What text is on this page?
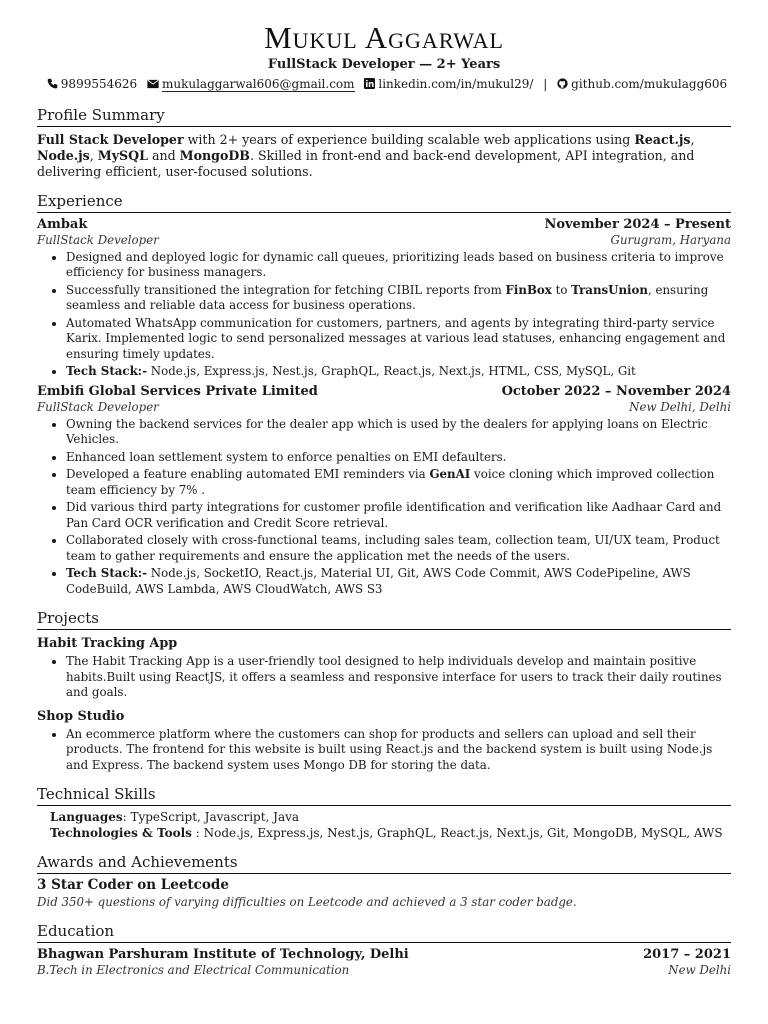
Mukul Aggarwal
FullStack Developer — 2+ Years
9899554626 mukulaggarwal606@gmail.com linkedin.com/in/mukul29/ | github.com/mukulagg606
Profile Summary
Full Stack Developer with 2+ years of experience building scalable web applications using React.js, Node.js, MySQL and MongoDB. Skilled in front-end and back-end development, API integration, and delivering efficient, user-focused solutions.
Experience
Ambak	November 2024 – Present
FullStack Developer	Gurugram, Haryana
• Designed and deployed logic for dynamic call queues, prioritizing leads based on business criteria to improve efficiency for business managers.
• Successfully transitioned the integration for fetching CIBIL reports from FinBox to TransUnion, ensuring seamless and reliable data access for business operations.
• Automated WhatsApp communication for customers, partners, and agents by integrating third-party service Karix. Implemented logic to send personalized messages at various lead statuses, enhancing engagement and ensuring timely updates.
• Tech Stack:- Node.js, Express.js, Nest.js, GraphQL, React.js, Next.js, HTML, CSS, MySQL, Git
Embifi Global Services Private Limited	October 2022 – November 2024
FullStack Developer	New Delhi, Delhi
• Owning the backend services for the dealer app which is used by the dealers for applying loans on Electric Vehicles.
• Enhanced loan settlement system to enforce penalties on EMI defaulters.
• Developed a feature enabling automated EMI reminders via GenAI voice cloning which improved collection team efficiency by 7% .
• Did various third party integrations for customer profile identification and verification like Aadhaar Card and Pan Card OCR verification and Credit Score retrieval.
• Collaborated closely with cross-functional teams, including sales team, collection team, UI/UX team, Product team to gather requirements and ensure the application met the needs of the users.
• Tech Stack:- Node.js, SocketIO, React.js, Material UI, Git, AWS Code Commit, AWS CodePipeline, AWS CodeBuild, AWS Lambda, AWS CloudWatch, AWS S3
Projects
Habit Tracking App
• The Habit Tracking App is a user-friendly tool designed to help individuals develop and maintain positive habits.Built using ReactJS, it offers a seamless and responsive interface for users to track their daily routines and goals.
Shop Studio
• An ecommerce platform where the customers can shop for products and sellers can upload and sell their products. The frontend for this website is built using React.js and the backend system is built using Node.js and Express. The backend system uses Mongo DB for storing the data.
Technical Skills
Languages: TypeScript, Javascript, Java
Technologies & Tools : Node.js, Express.js, Nest.js, GraphQL, React.js, Next.js, Git, MongoDB, MySQL, AWS
Awards and Achievements
3 Star Coder on Leetcode
Did 350+ questions of varying difficulties on Leetcode and achieved a 3 star coder badge.
Education
Bhagwan Parshuram Institute of Technology, Delhi	2017 – 2021
B.Tech in Electronics and Electrical Communication	New Delhi
